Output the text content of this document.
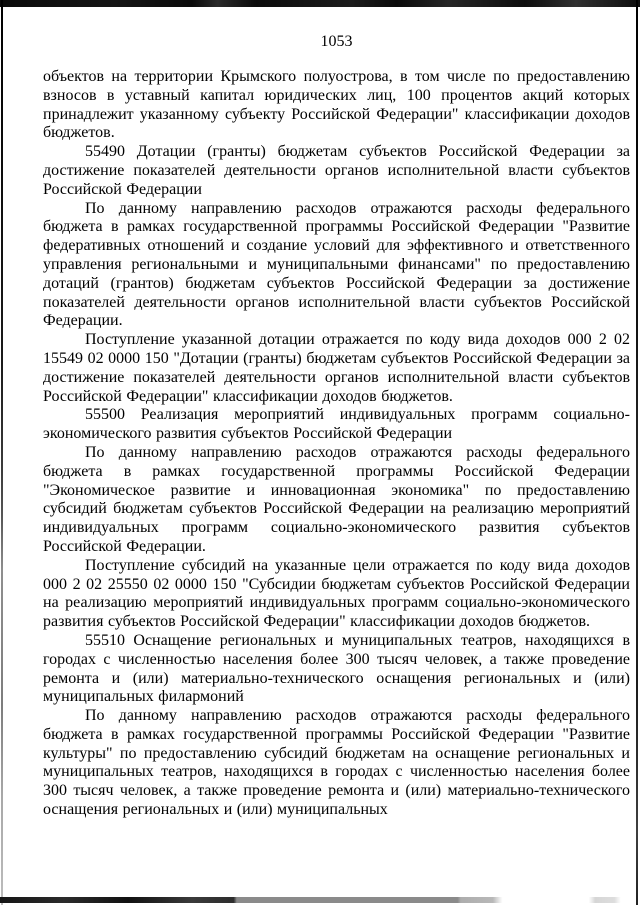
1053

объектов на территории Крымского полуострова, в том числе по предоставлению взносов в уставный капитал юридических лиц, 100 процентов акций которых принадлежит указанному субъекту Российской Федерации" классификации доходов бюджетов.

55490 Дотации (гранты) бюджетам субъектов Российской Федерации за достижение показателей деятельности органов исполнительной власти субъектов Российской Федерации

По данному направлению расходов отражаются расходы федерального бюджета в рамках государственной программы Российской Федерации "Развитие федеративных отношений и создание условий для эффективного и ответственного управления региональными и муниципальными финансами" по предоставлению дотаций (грантов) бюджетам субъектов Российской Федерации за достижение показателей деятельности органов исполнительной власти субъектов Российской Федерации.

Поступление указанной дотации отражается по коду вида доходов 000 2 02 15549 02 0000 150 "Дотации (гранты) бюджетам субъектов Российской Федерации за достижение показателей деятельности органов исполнительной власти субъектов Российской Федерации" классификации доходов бюджетов.

55500 Реализация мероприятий индивидуальных программ социально-экономического развития субъектов Российской Федерации

По данному направлению расходов отражаются расходы федерального бюджета в рамках государственной программы Российской Федерации "Экономическое развитие и инновационная экономика" по предоставлению субсидий бюджетам субъектов Российской Федерации на реализацию мероприятий индивидуальных программ социально-экономического развития субъектов Российской Федерации.

Поступление субсидий на указанные цели отражается по коду вида доходов 000 2 02 25550 02 0000 150 "Субсидии бюджетам субъектов Российской Федерации на реализацию мероприятий индивидуальных программ социально-экономического развития субъектов Российской Федерации" классификации доходов бюджетов.

55510 Оснащение региональных и муниципальных театров, находящихся в городах с численностью населения более 300 тысяч человек, а также проведение ремонта и (или) материально-технического оснащения региональных и (или) муниципальных филармоний

По данному направлению расходов отражаются расходы федерального бюджета в рамках государственной программы Российской Федерации "Развитие культуры" по предоставлению субсидий бюджетам на оснащение региональных и муниципальных театров, находящихся в городах с численностью населения более 300 тысяч человек, а также проведение ремонта и (или) материально-технического оснащения региональных и (или) муниципальных
